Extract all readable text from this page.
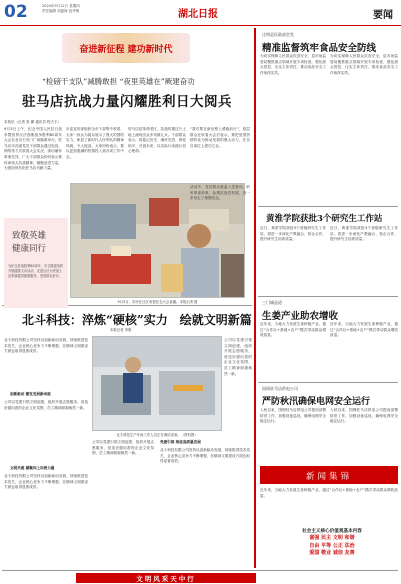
02	2024年9月12日 星期四
责任编辑 刘振海 范华明	湖北日报	要闻
奋进新征程 建功新时代
“检磅干支队”减腾敢担 “夜里英雄在”厥建奋功
驻马店抗战力量闪耀胜利日大阅兵
本报讯（记者 张 鹏 通讯员 程天宇）
9月3日上午，纪念中国人民抗日战争暨世界反法西斯战争胜利80周年大会在北京天安门广场隆重举行。驻马店市各级党员干部群众通过电视、网络等方式收看大会实况，深切缅怀革命先烈，广大干部群众纷纷表示要传承伟大抗战精神，凝聚奋进力量，为建设现代化驻马店贡献力量。
市委宣传部组织全市干部集中收看，大家一致认为阅兵展示了强大的国防实力，彰显了新时代人民军队的精神风貌，令人振奋。大家纷纷表示，要以更加饱满的热情投入到各项工作中去。
驻马店是革命老区，抗战时期这片土地上涌现出众多英雄儿女。干部群众表示，将铭记历史、缅怀先烈、珍爱和平、开创未来，以实际行动践行初心使命。
“我们要在新征程上勇毅前行”，基层群众在收看大会后表示，要把爱国热情转化为推动发展的强大动力，在各自岗位上建功立业。
9月3日，市民在社区收看纪念大会直播。本报记者 摄
致敬英雄
健康同行
为纪念抗战胜利80周年，市卫健委组织开展健康义诊活动，走进社区为老战士及家属提供健康服务，受到群众好评。
活动中，党员群众重温入党誓词，聆听革命故事，参观抗战史料展，进一步坚定了理想信念。
北斗科技：淬炼“硬核”实力　绘就文明新篇
本报记者 李明
北斗科技有限公司坚持以创新驱动发展，持续推进技术攻关，企业核心竞争力不断增强，在精神文明建设方面也取得显著成效。
创新驱动 激发发展新动能
公司以党建引领文明创建，组织开展志愿服务，营造崇德向善的企业文化氛围，员工精神面貌焕然一新。
文明共建 凝聚向上向善力量
北斗科技有限公司坚持以创新驱动发展，持续推进技术攻关，企业核心竞争力不断增强，在精神文明建设方面也取得显著成效。
北斗科技生产车间工作人员正在调试设备。（资料图）
公司以党建引领文明创建，组织开展志愿服务，营造崇德向善的企业文化氛围，员工精神面貌焕然一新。
党建引领 推进高质量发展
北斗科技有限公司坚持以创新驱动发展，持续推进技术攻关，企业核心竞争力不断增强，在精神文明建设方面也取得显著成效。
公司以党建引领文明创建，组织开展志愿服务，营造崇德向善的企业文化氛围，员工精神面貌焕然一新。
庄明县民政部会发
精准监督筑牢食品安全防线
为切实保障人民群众饮食安全，县市场监管局聚焦重点领域开展专项检查，强化源头管控，压实主体责任，推动食品安全工作取得实效。
为切实保障人民群众饮食安全，县市场监管局聚焦重点领域开展专项检查，强化源头管控，压实主体责任，推动食品安全工作取得实效。
黄淮学院获批3个研究生工作站
近日，黄淮学院获批3个省级研究生工作站，将进一步深化产教融合、校企合作，提升研究生培养质量。
近日，黄淮学院获批3个省级研究生工作站，将进一步深化产教融合、校企合作，提升研究生培养质量。
三门城县道
生姜产业助农增收
近年来，当地大力发展生姜种植产业，通过“合作社+基地+农户”模式带动群众增收致富。
近年来，当地大力发展生姜种植产业，通过“合作社+基地+农户”模式带动群众增收致富。
国网驻马店供电公司
严防秋汛确保电网安全运行
入秋以来，国网驻马店供电公司提前部署防汛工作，加强设备巡视，确保电网安全稳定运行。
入秋以来，国网驻马店供电公司提前部署防汛工作，加强设备巡视，确保电网安全稳定运行。
新闻集锦
近年来，当地大力发展生姜种植产业，通过“合作社+基地+农户”模式带动群众增收致富。
社会主义核心价值观基本内容
富强 民主 文明 和谐
自由 平等 公正 法治
爱国 敬业 诚信 友善
文明风采天中行
